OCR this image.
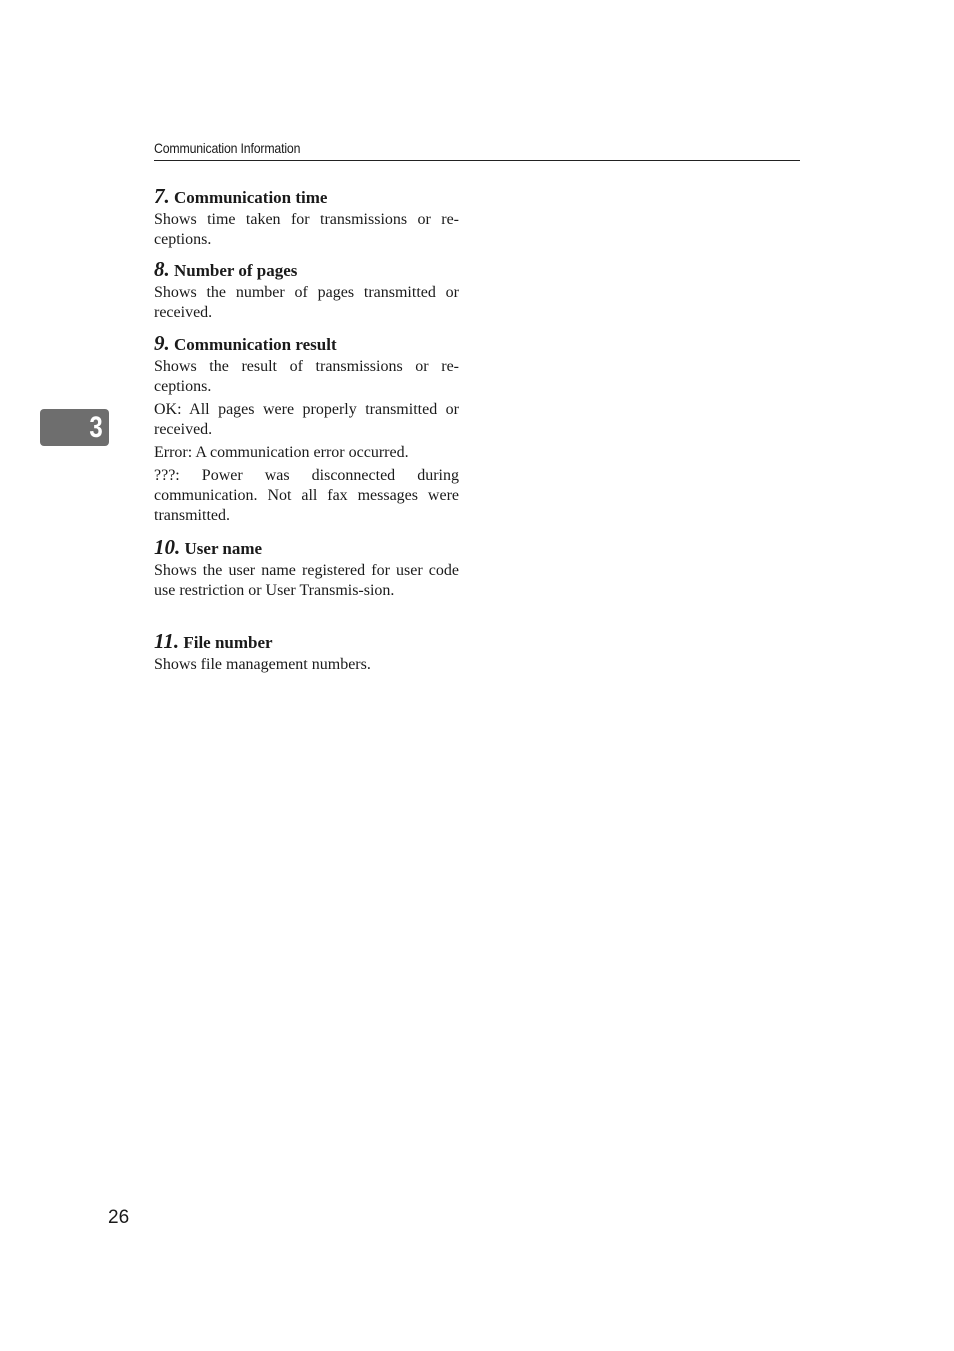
Communication Information
3
7. Communication time

Shows time taken for transmissions or re-ceptions.

8. Number of pages

Shows the number of pages transmitted or received.

9. Communication result

Shows the result of transmissions or re-ceptions.

OK: All pages were properly transmitted or received.

Error: A communication error occurred.

???: Power was disconnected during communication. Not all fax messages were transmitted.

10. User name

Shows the user name registered for user code use restriction or User Transmis-sion.

11. File number

Shows file management numbers.

26
